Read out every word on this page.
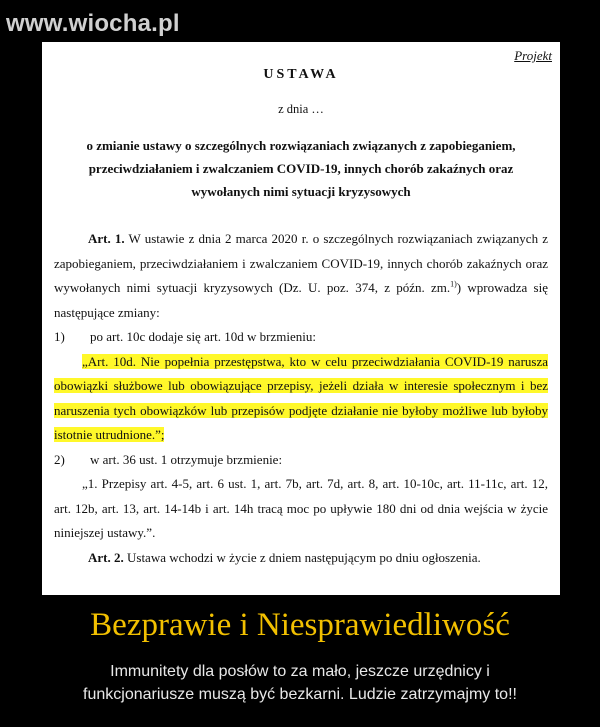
www.wiocha.pl
Projekt
USTAWA
z dnia …
o zmianie ustawy o szczególnych rozwiązaniach związanych z zapobieganiem, przeciwdziałaniem i zwalczaniem COVID-19, innych chorób zakaźnych oraz wywołanych nimi sytuacji kryzysowych

Art. 1. W ustawie z dnia 2 marca 2020 r. o szczególnych rozwiązaniach związanych z zapobieganiem, przeciwdziałaniem i zwalczaniem COVID-19, innych chorób zakaźnych oraz wywołanych nimi sytuacji kryzysowych (Dz. U. poz. 374, z późn. zm.$^{1)}$) wprowadza się następujące zmiany:

1)	po art. 10c dodaje się art. 10d w brzmieniu:

„Art. 10d. Nie popełnia przestępstwa, kto w celu przeciwdziałania COVID-19 narusza obowiązki służbowe lub obowiązujące przepisy, jeżeli działa w interesie społecznym i bez naruszenia tych obowiązków lub przepisów podjęte działanie nie byłoby możliwe lub byłoby istotnie utrudnione.”;

2)	w art. 36 ust. 1 otrzymuje brzmienie:

„1. Przepisy art. 4-5, art. 6 ust. 1, art. 7b, art. 7d, art. 8, art. 10-10c, art. 11-11c, art. 12, art. 12b, art. 13, art. 14-14b i art. 14h tracą moc po upływie 180 dni od dnia wejścia w życie niniejszej ustawy.”.

Art. 2. Ustawa wchodzi w życie z dniem następującym po dniu ogłoszenia.

Bezprawie i Niesprawiedliwość
Immunitety dla posłów to za mało, jeszcze urzędnicy i
funkcjonariusze muszą być bezkarni. Ludzie zatrzymajmy to!!
